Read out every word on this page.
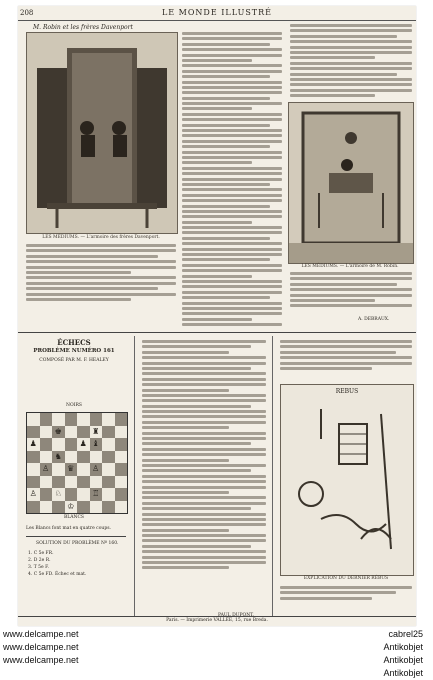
208	LE MONDE ILLUSTRÉ
M. Robin et les frères Davenport
LES MÉDIUMS. — L'armoire des frères Davenport.
LES MÉDIUMS. — L'armoire de M. Robin.
A. DEBRAUX.
ÉCHECS
PROBLÈME NUMÉRO 161
COMPOSÉ PAR M. F. HEALEY
NOIRS
♚	♜
♟	♟ ♝
♞
♙	♛	♙
♙	♘	♖
♔
BLANCS
Les Blancs font mat en quatre coups.
SOLUTION DU PROBLÈME Nº 160.
1. C 5e FR.
2. D 2e R.
3. T 5e F.
4. C 5e FD. Échec et mat.
REBUS
EXPLICATION DU DERNIER RÉBUS
Paris. — Imprimerie VALLÉE, 15, rue Breda.
www.delcampe.net
www.delcampe.net
www.delcampe.net
cabrel25
Antikobjet
Antikobjet
Antikobjet
